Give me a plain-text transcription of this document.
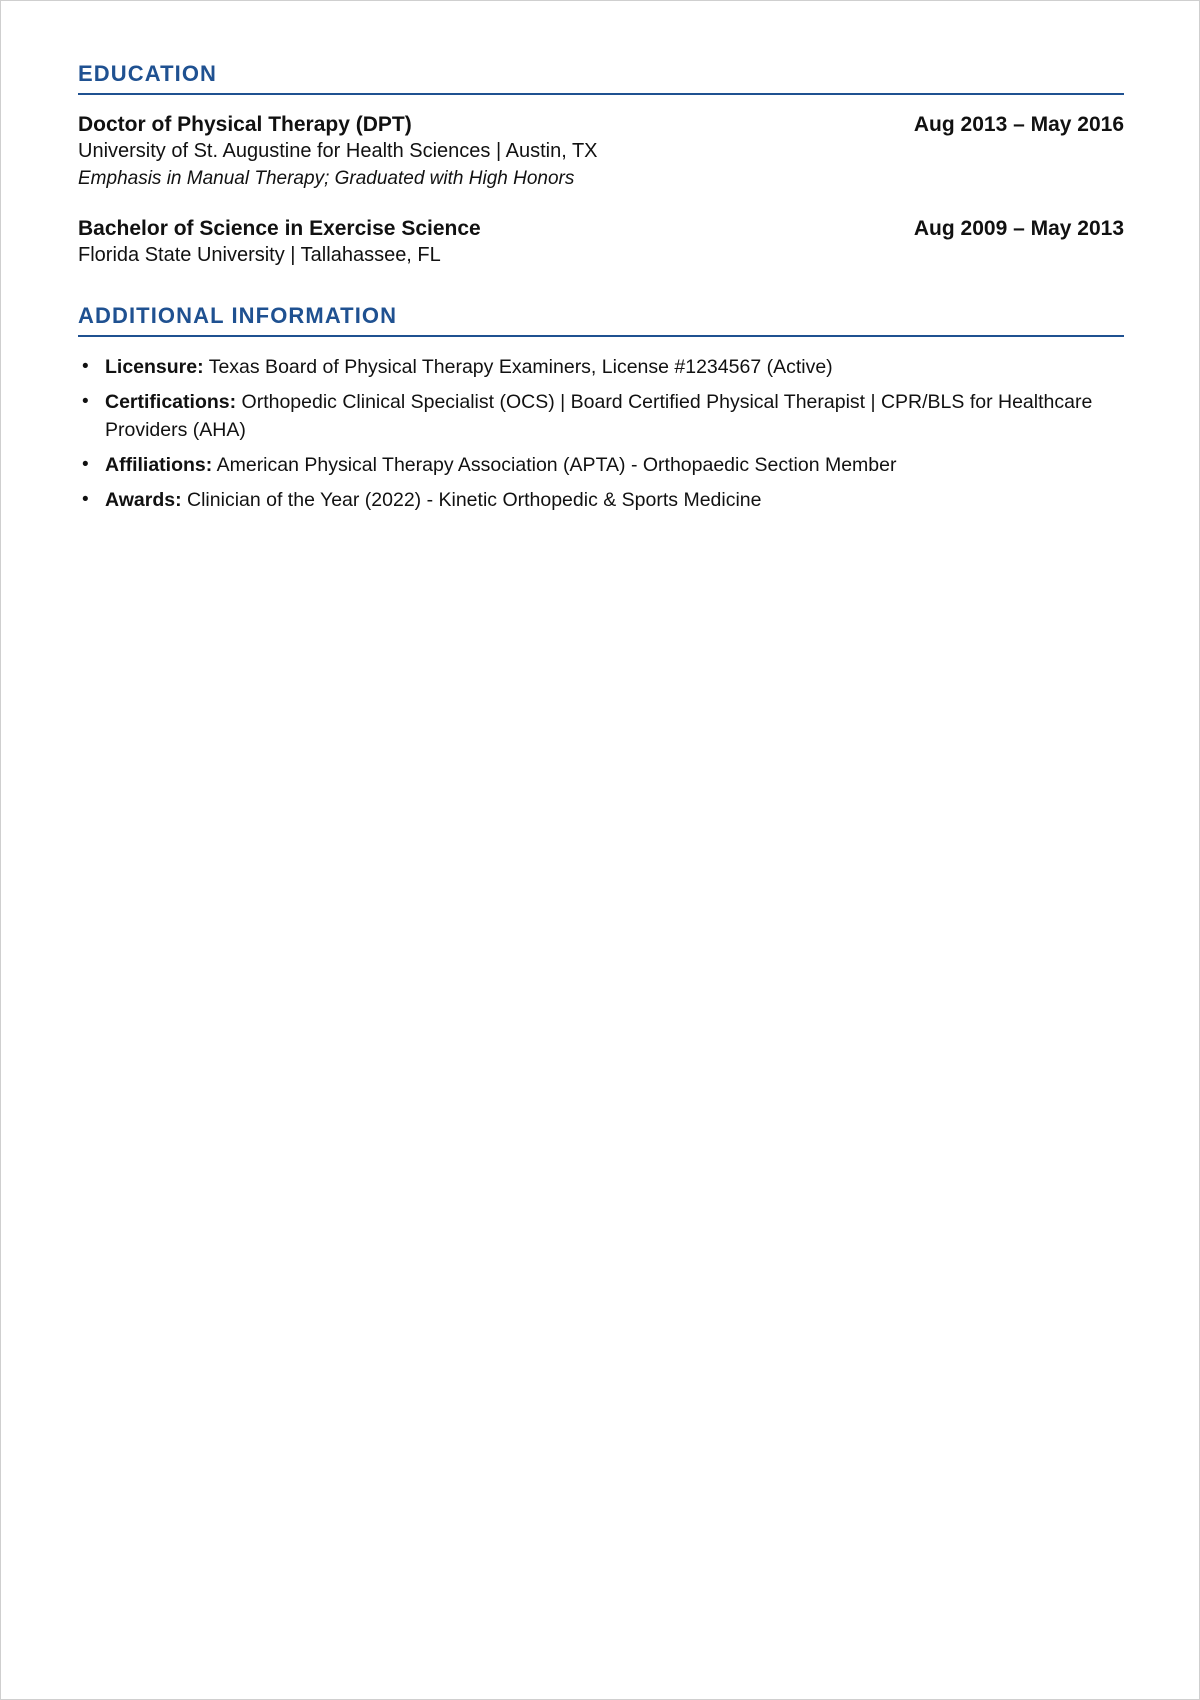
EDUCATION
Doctor of Physical Therapy (DPT)	Aug 2013 – May 2016
University of St. Augustine for Health Sciences | Austin, TX
Emphasis in Manual Therapy; Graduated with High Honors
Bachelor of Science in Exercise Science	Aug 2009 – May 2013
Florida State University | Tallahassee, FL
ADDITIONAL INFORMATION
• Licensure: Texas Board of Physical Therapy Examiners, License #1234567 (Active)
• Certifications: Orthopedic Clinical Specialist (OCS) | Board Certified Physical Therapist | CPR/BLS for Healthcare Providers (AHA)
• Affiliations: American Physical Therapy Association (APTA) - Orthopaedic Section Member
• Awards: Clinician of the Year (2022) - Kinetic Orthopedic & Sports Medicine
